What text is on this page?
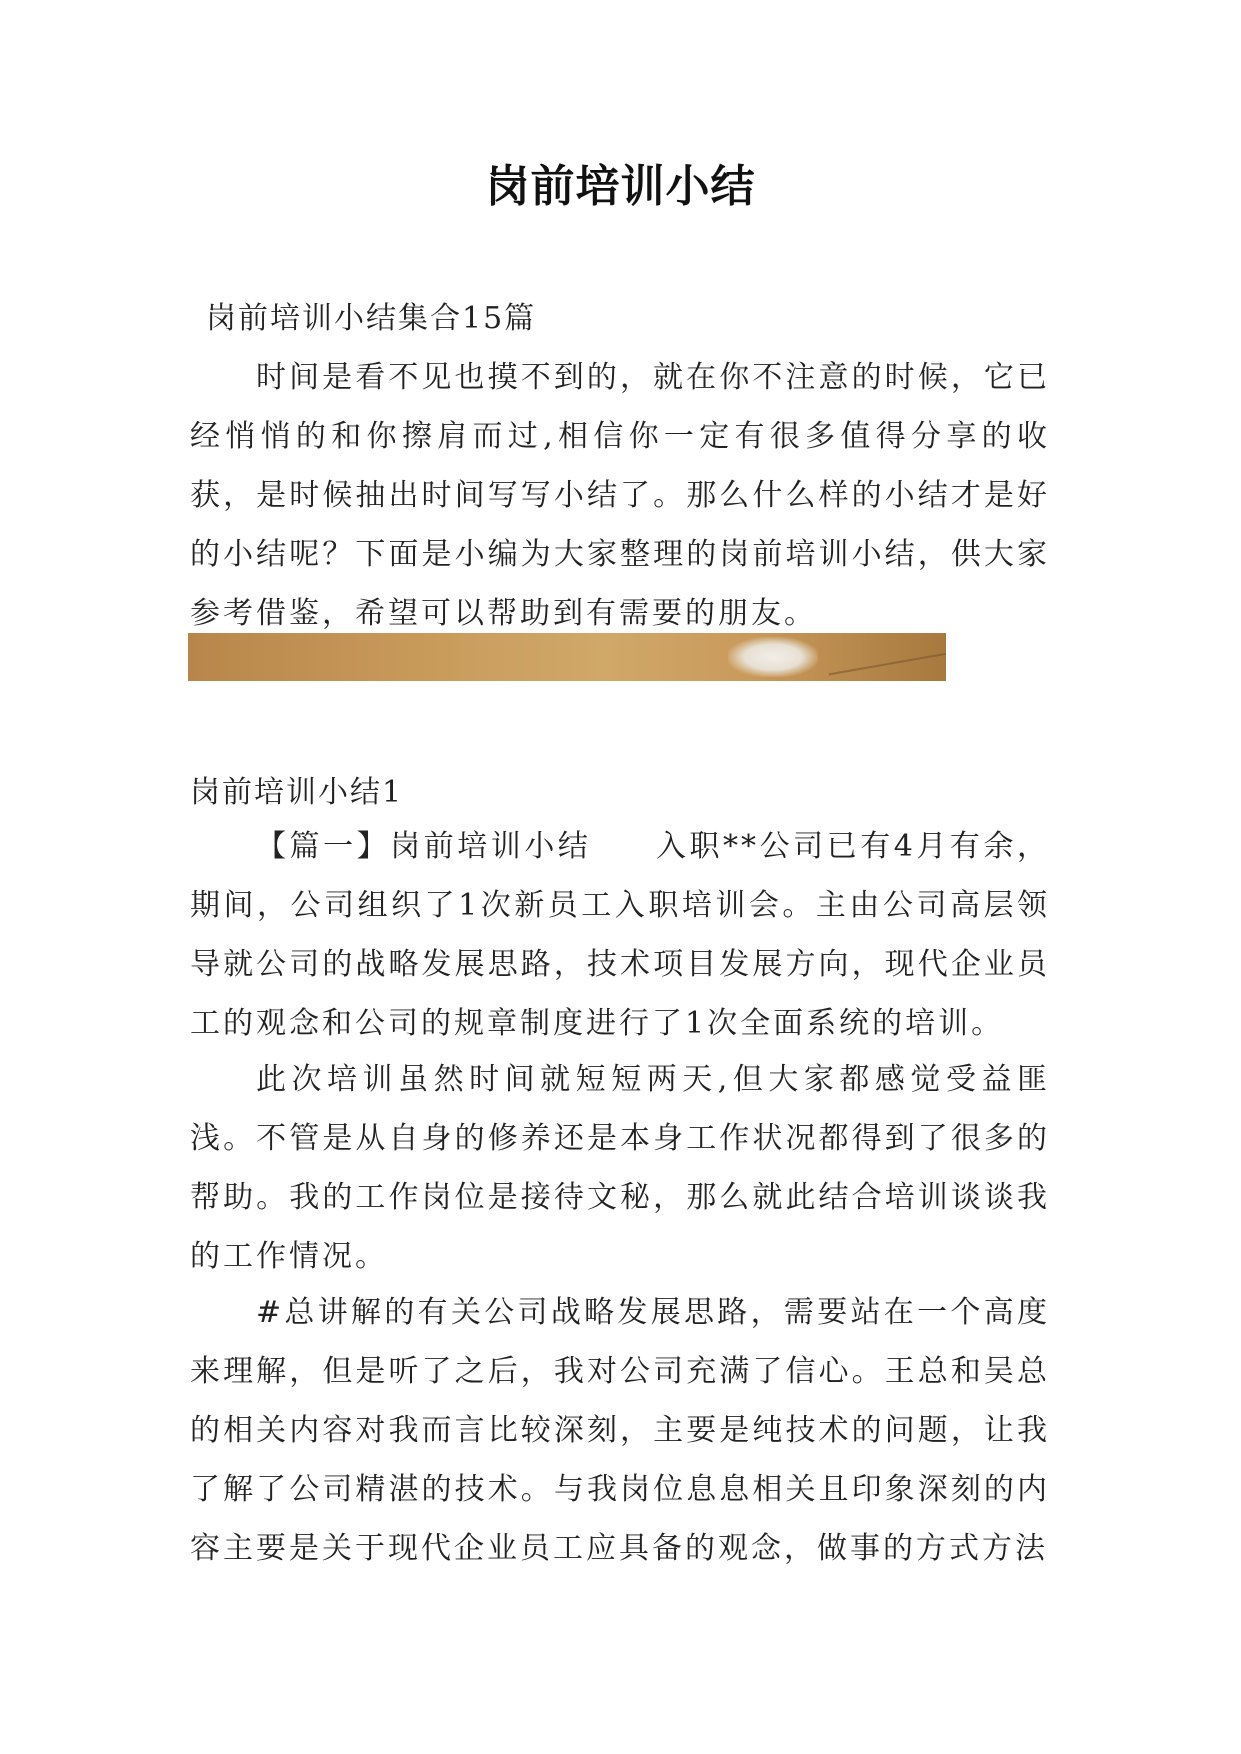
岗前培训小结

岗前培训小结集合15篇

时间是看不见也摸不到的，就在你不注意的时候，它已经悄悄的和你擦肩而过,相信你一定有很多值得分享的收获，是时候抽出时间写写小结了。那么什么样的小结才是好的小结呢？下面是小编为大家整理的岗前培训小结，供大家参考借鉴，希望可以帮助到有需要的朋友。

岗前培训小结1

【篇一】岗前培训小结 入职**公司已有4月有余，期间，公司组织了1次新员工入职培训会。主由公司高层领导就公司的战略发展思路，技术项目发展方向，现代企业员工的观念和公司的规章制度进行了1次全面系统的培训。

此次培训虽然时间就短短两天,但大家都感觉受益匪浅。不管是从自身的修养还是本身工作状况都得到了很多的帮助。我的工作岗位是接待文秘，那么就此结合培训谈谈我的工作情况。

#总讲解的有关公司战略发展思路，需要站在一个高度来理解，但是听了之后，我对公司充满了信心。王总和吴总的相关内容对我而言比较深刻，主要是纯技术的问题，让我了解了公司精湛的技术。与我岗位息息相关且印象深刻的内容主要是关于现代企业员工应具备的观念，做事的方式方法
